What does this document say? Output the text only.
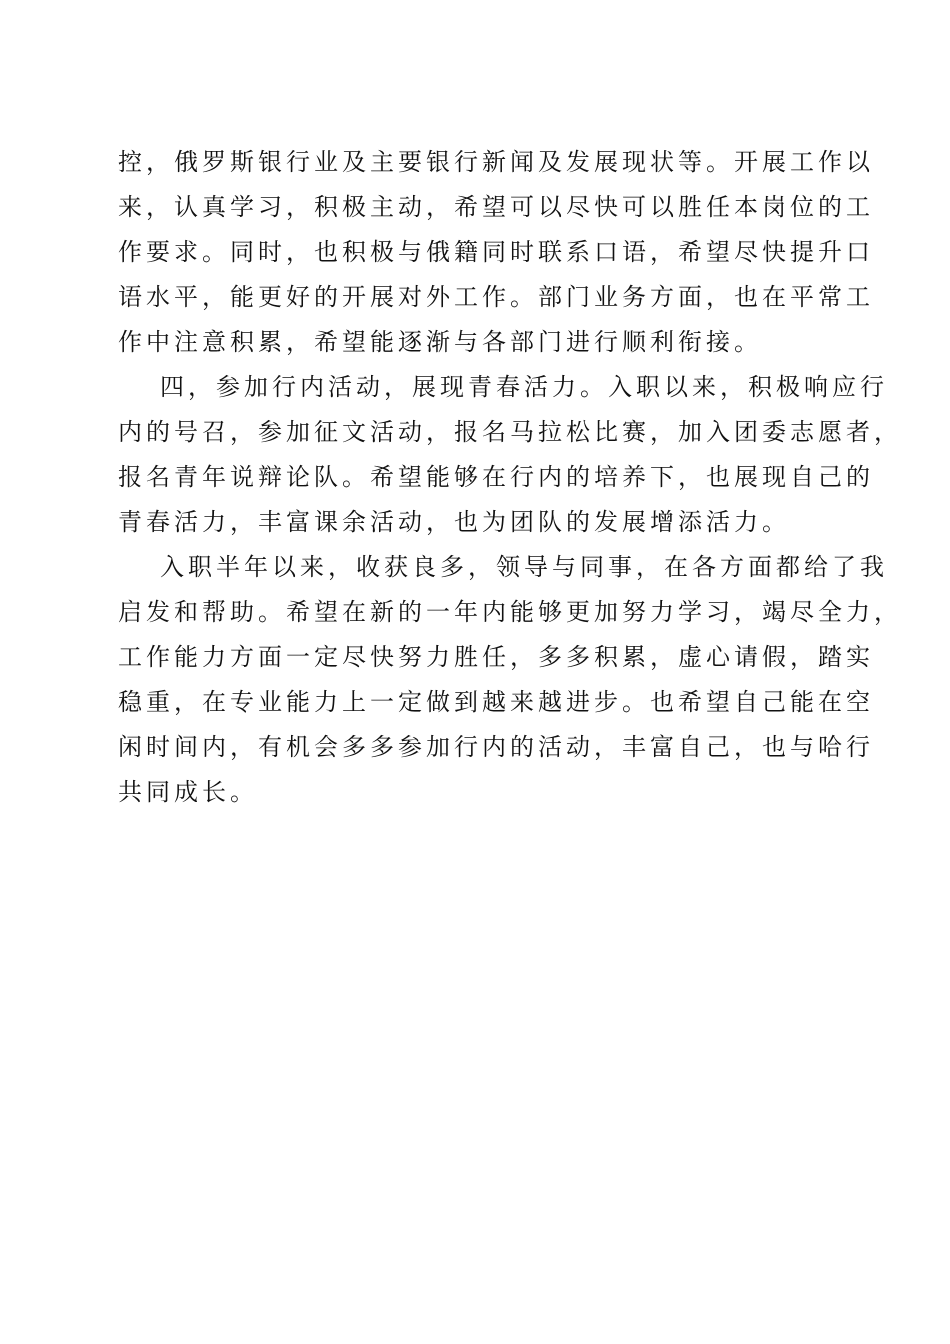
控，俄罗斯银行业及主要银行新闻及发展现状等。开展工作以
来，认真学习，积极主动，希望可以尽快可以胜任本岗位的工
作要求。同时，也积极与俄籍同时联系口语，希望尽快提升口
语水平，能更好的开展对外工作。部门业务方面，也在平常工
作中注意积累，希望能逐渐与各部门进行顺利衔接。
四，参加行内活动，展现青春活力。入职以来，积极响应行
内的号召，参加征文活动，报名马拉松比赛，加入团委志愿者，
报名青年说辩论队。希望能够在行内的培养下，也展现自己的
青春活力，丰富课余活动，也为团队的发展增添活力。
入职半年以来，收获良多，领导与同事，在各方面都给了我
启发和帮助。希望在新的一年内能够更加努力学习，竭尽全力，
工作能力方面一定尽快努力胜任，多多积累，虚心请假，踏实
稳重，在专业能力上一定做到越来越进步。也希望自己能在空
闲时间内，有机会多多参加行内的活动，丰富自己，也与哈行
共同成长。
